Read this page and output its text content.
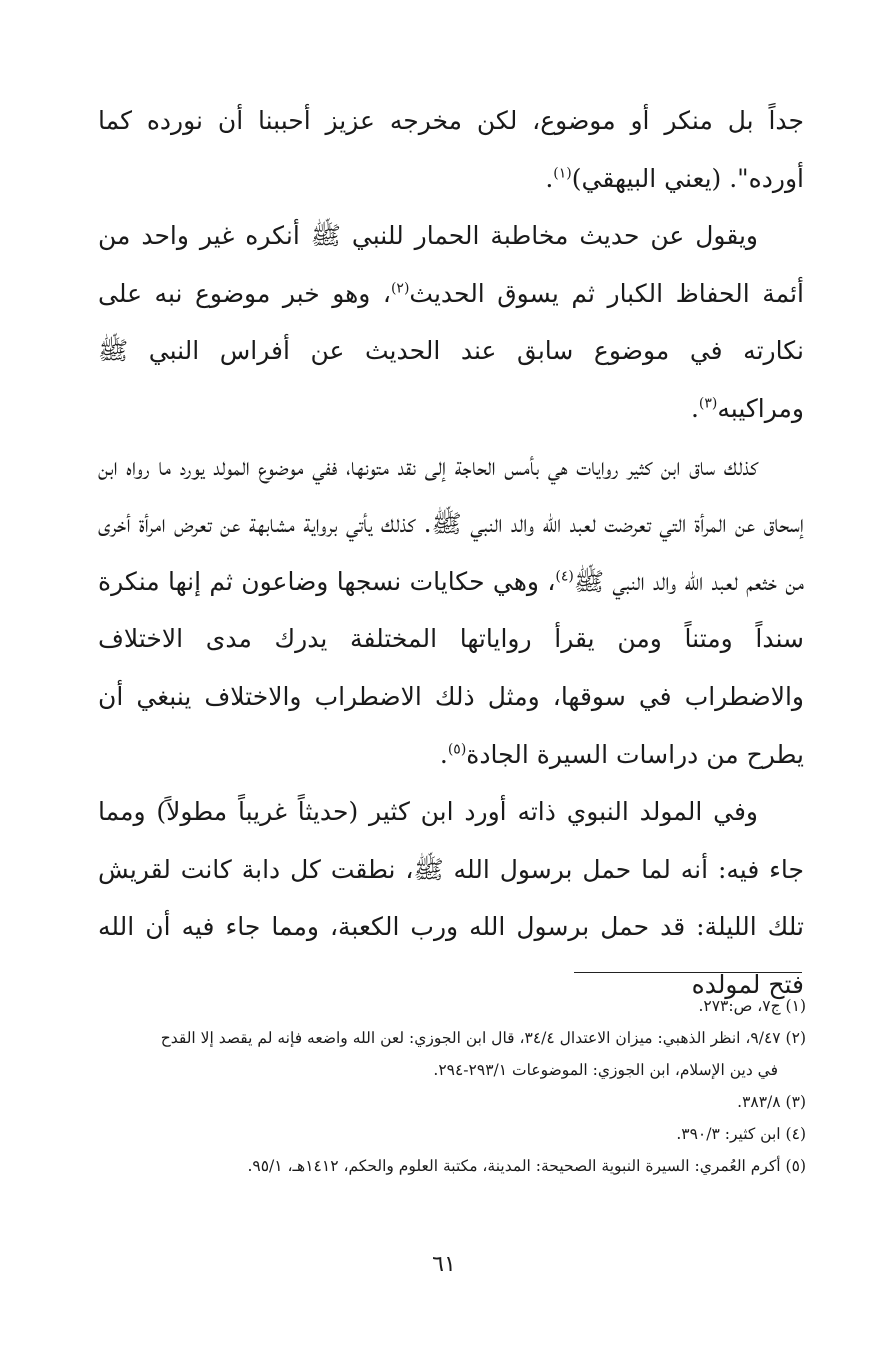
جداً بل منكر أو موضوع، لكن مخرجه عزيز أحببنا أن نورده كما أورده". (يعني البيهقي)$^{(١)}$.

ويقول عن حديث مخاطبة الحمار للنبي ﷺ أنكره غير واحد من أئمة الحفاظ الكبار ثم يسوق الحديث$^{(٢)}$، وهو خبر موضوع نبه على نكارته في موضوع سابق عند الحديث عن أفراس النبي ﷺ ومراكيبه$^{(٣)}$.

كذلك ساق ابن كثير روايات هي بأمس الحاجة إلى نقد متونها، ففي موضوع المولد يورد ما رواه ابن إسحاق عن المرأة التي تعرضت لعبد الله والد النبي ﷺ. كذلك يأتي برواية مشابهة عن تعرض امرأة أخرى من خثعم لعبد الله والد النبي ﷺ$^{(٤)}$، وهي حكايات نسجها وضاعون ثم إنها منكرة سنداً ومتناً ومن يقرأ رواياتها المختلفة يدرك مدى الاختلاف والاضطراب في سوقها، ومثل ذلك الاضطراب والاختلاف ينبغي أن يطرح من دراسات السيرة الجادة$^{(٥)}$.

وفي المولد النبوي ذاته أورد ابن كثير (حديثاً غريباً مطولاً) ومما جاء فيه: أنه لما حمل برسول الله ﷺ، نطقت كل دابة كانت لقريش تلك الليلة: قد حمل برسول الله ورب الكعبة، ومما جاء فيه أن الله فتح لمولده

(١) ج٧، ص:٢٧٣.

(٢) ٩/٤٧، انظر الذهبي: ميزان الاعتدال ٣٤/٤، قال ابن الجوزي: لعن الله واضعه فإنه لم يقصد إلا القدح
في دين الإسلام، ابن الجوزي: الموضوعات ٢٩٣/١-٢٩٤.

(٣) ٣٨٣/٨.

(٤) ابن كثير: ٣٩٠/٣.

(٥) أكرم العُمري: السيرة النبوية الصحيحة: المدينة، مكتبة العلوم والحكم، ١٤١٢هـ، ٩٥/١.

٦١
